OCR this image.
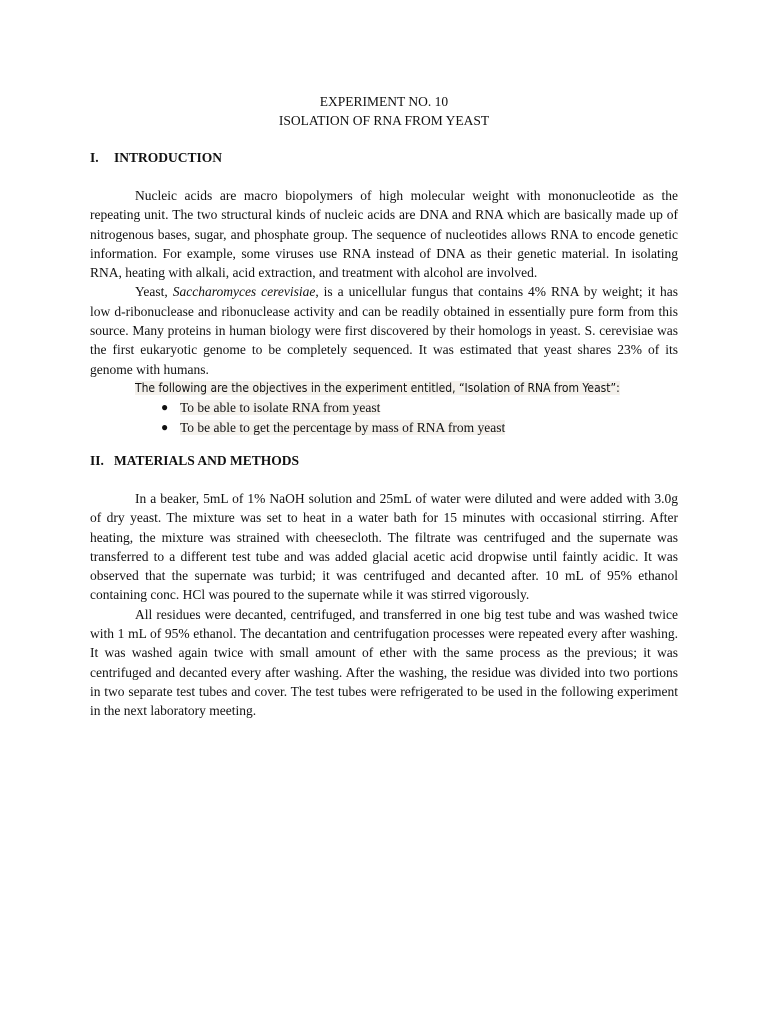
EXPERIMENT NO. 10
ISOLATION OF RNA FROM YEAST
I. INTRODUCTION

Nucleic acids are macro biopolymers of high molecular weight with mononucleotide as the repeating unit. The two structural kinds of nucleic acids are DNA and RNA which are basically made up of nitrogenous bases, sugar, and phosphate group. The sequence of nucleotides allows RNA to encode genetic information. For example, some viruses use RNA instead of DNA as their genetic material. In isolating RNA, heating with alkali, acid extraction, and treatment with alcohol are involved.

Yeast, Saccharomyces cerevisiae, is a unicellular fungus that contains 4% RNA by weight; it has low d-ribonuclease and ribonuclease activity and can be readily obtained in essentially pure form from this source. Many proteins in human biology were first discovered by their homologs in yeast. S. cerevisiae was the first eukaryotic genome to be completely sequenced. It was estimated that yeast shares 23% of its genome with humans.

The following are the objectives in the experiment entitled, “Isolation of RNA from Yeast”:
● To be able to isolate RNA from yeast
● To be able to get the percentage by mass of RNA from yeast
II. MATERIALS AND METHODS

In a beaker, 5mL of 1% NaOH solution and 25mL of water were diluted and were added with 3.0g of dry yeast. The mixture was set to heat in a water bath for 15 minutes with occasional stirring. After heating, the mixture was strained with cheesecloth. The filtrate was centrifuged and the supernate was transferred to a different test tube and was added glacial acetic acid dropwise until faintly acidic. It was observed that the supernate was turbid; it was centrifuged and decanted after. 10 mL of 95% ethanol containing conc. HCl was poured to the supernate while it was stirred vigorously.

All residues were decanted, centrifuged, and transferred in one big test tube and was washed twice with 1 mL of 95% ethanol. The decantation and centrifugation processes were repeated every after washing. It was washed again twice with small amount of ether with the same process as the previous; it was centrifuged and decanted every after washing. After the washing, the residue was divided into two portions in two separate test tubes and cover. The test tubes were refrigerated to be used in the following experiment in the next laboratory meeting.
